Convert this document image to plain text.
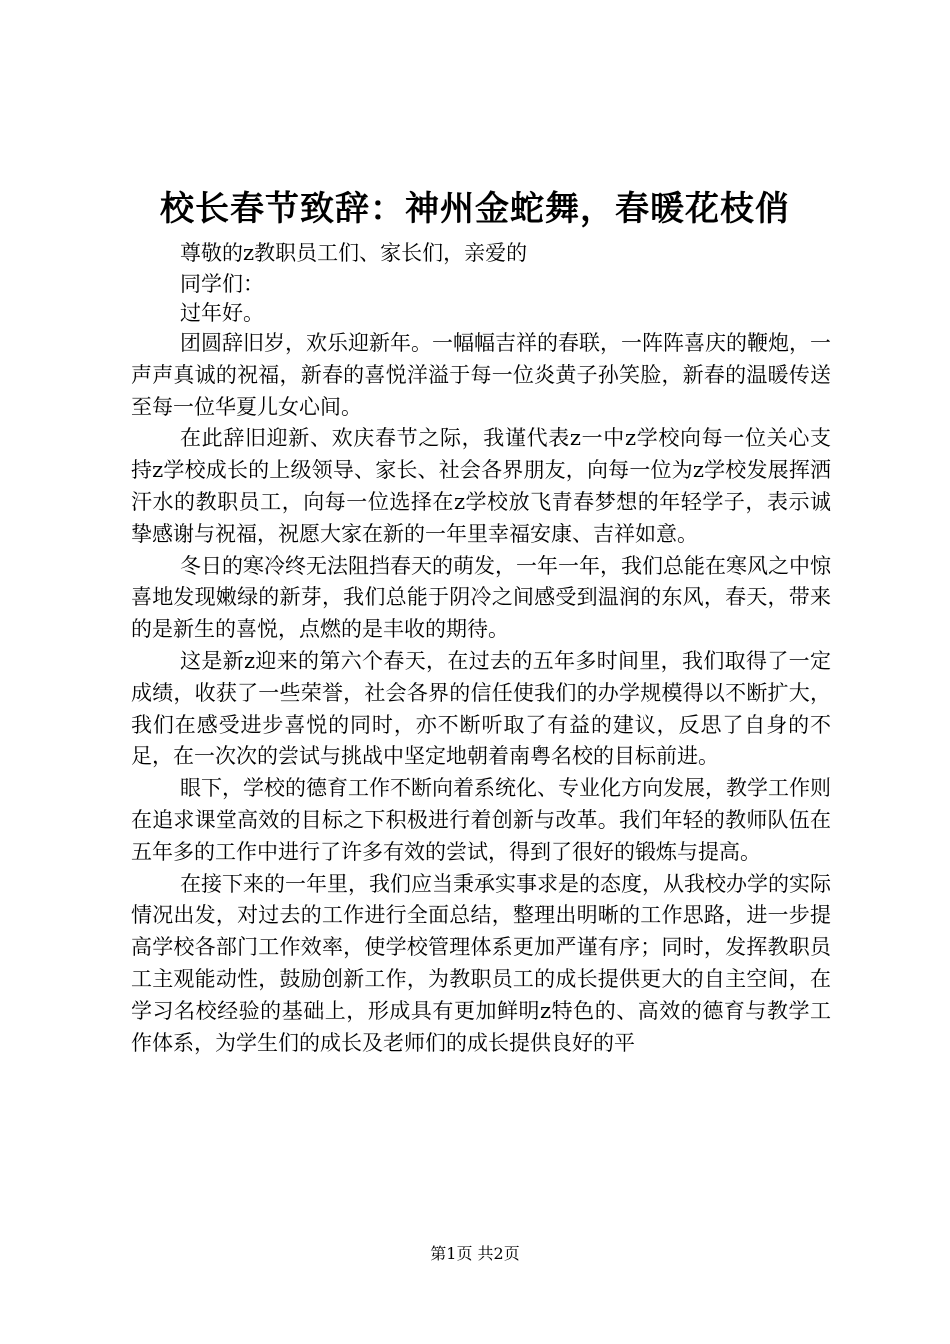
校长春节致辞：神州金蛇舞，春暖花枝俏
尊敬的z教职员工们、家长们，亲爱的
同学们：
过年好。

团圆辞旧岁，欢乐迎新年。一幅幅吉祥的春联，一阵阵喜庆的鞭炮，一声声真诚的祝福，新春的喜悦洋溢于每一位炎黄子孙笑脸，新春的温暖传送至每一位华夏儿女心间。

在此辞旧迎新、欢庆春节之际，我谨代表z一中z学校向每一位关心支持z学校成长的上级领导、家长、社会各界朋友，向每一位为z学校发展挥洒汗水的教职员工，向每一位选择在z学校放飞青春梦想的年轻学子，表示诚挚感谢与祝福，祝愿大家在新的一年里幸福安康、吉祥如意。

冬日的寒冷终无法阻挡春天的萌发，一年一年，我们总能在寒风之中惊喜地发现嫩绿的新芽，我们总能于阴冷之间感受到温润的东风，春天，带来的是新生的喜悦，点燃的是丰收的期待。

这是新z迎来的第六个春天，在过去的五年多时间里，我们取得了一定成绩，收获了一些荣誉，社会各界的信任使我们的办学规模得以不断扩大，我们在感受进步喜悦的同时，亦不断听取了有益的建议，反思了自身的不足，在一次次的尝试与挑战中坚定地朝着南粤名校的目标前进。

眼下，学校的德育工作不断向着系统化、专业化方向发展，教学工作则在追求课堂高效的目标之下积极进行着创新与改革。我们年轻的教师队伍在五年多的工作中进行了许多有效的尝试，得到了很好的锻炼与提高。

在接下来的一年里，我们应当秉承实事求是的态度，从我校办学的实际情况出发，对过去的工作进行全面总结，整理出明晰的工作思路，进一步提高学校各部门工作效率，使学校管理体系更加严谨有序；同时，发挥教职员工主观能动性，鼓励创新工作，为教职员工的成长提供更大的自主空间，在学习名校经验的基础上，形成具有更加鲜明z特色的、高效的德育与教学工作体系，为学生们的成长及老师们的成长提供良好的平

第1页 共2页
